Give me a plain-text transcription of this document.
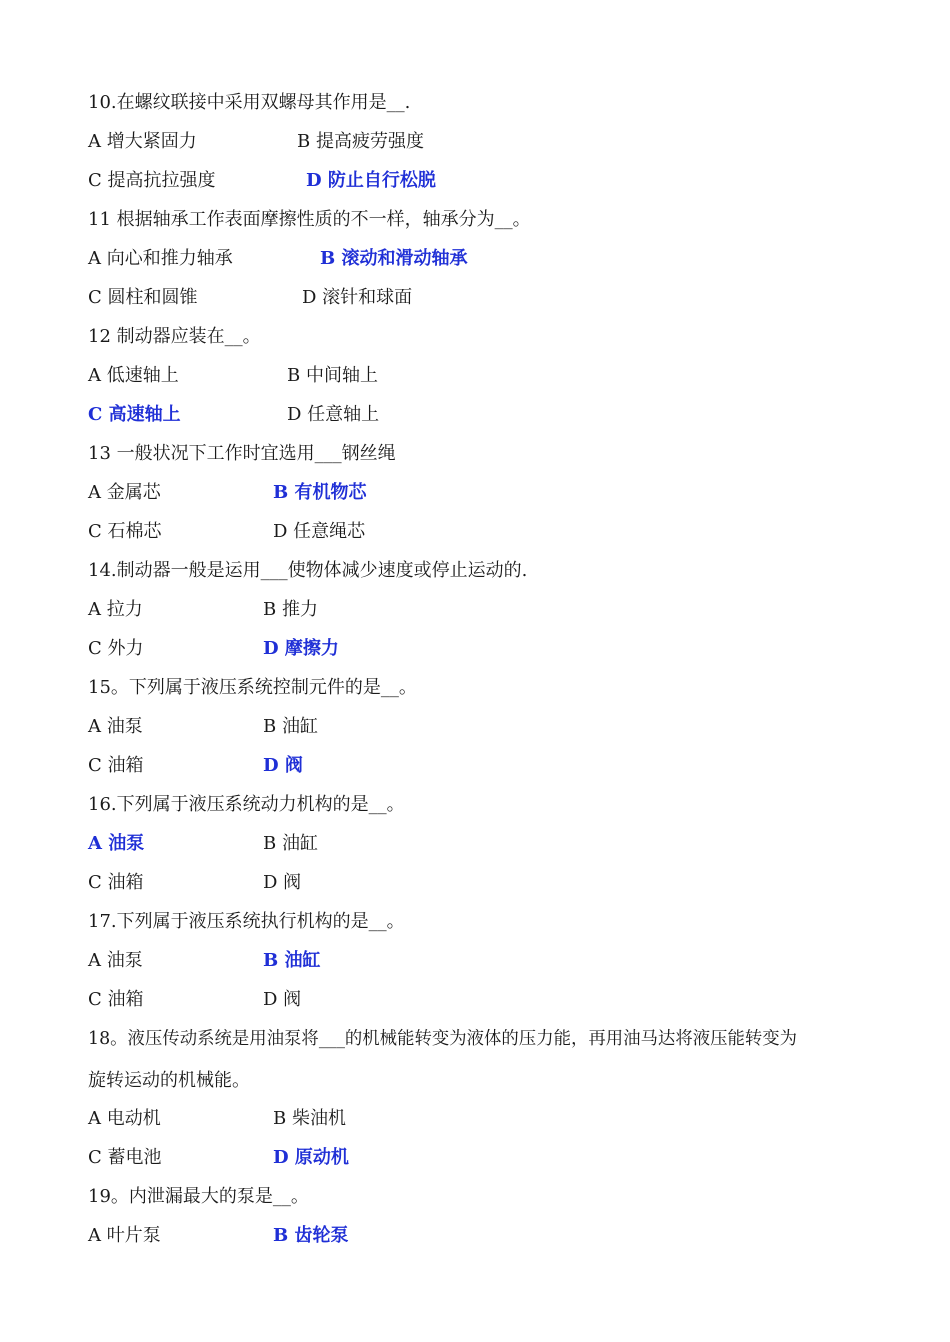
10.在螺纹联接中采用双螺母其作用是__.
A 增大紧固力	B 提高疲劳强度
C 提高抗拉强度	D 防止自行松脱
11 根据轴承工作表面摩擦性质的不一样，轴承分为__。
A 向心和推力轴承	B 滚动和滑动轴承
C 圆柱和圆锥	D 滚针和球面
12 制动器应装在__。
A 低速轴上	B 中间轴上
C 高速轴上	D 任意轴上
13 一般状况下工作时宜选用___钢丝绳
A 金属芯	B 有机物芯
C 石棉芯	D 任意绳芯
14.制动器一般是运用___使物体减少速度或停止运动的.
A 拉力	B 推力
C 外力	D 摩擦力
15。下列属于液压系统控制元件的是__。
A 油泵	B 油缸
C 油箱	D 阀
16.下列属于液压系统动力机构的是__。
A 油泵	B 油缸
C 油箱	D 阀
17.下列属于液压系统执行机构的是__。
A 油泵	B 油缸
C 油箱	D 阀
18。液压传动系统是用油泵将___的机械能转变为液体的压力能，再用油马达将液压能转变为
旋转运动的机械能。
A 电动机	B 柴油机
C 蓄电池	D 原动机
19。内泄漏最大的泵是__。
A 叶片泵	B 齿轮泵
